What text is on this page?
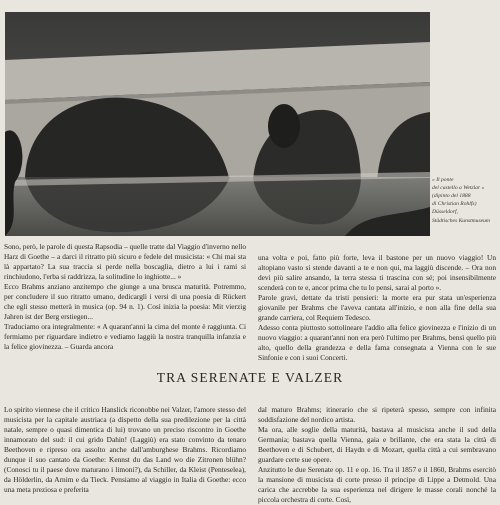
« Il ponte
del castello a Wetzlar »
(dipinto del 1888
di Christian Rohlfs)
Düsseldorf,
Städtisches Kunstmuseum

Sono, però, le parole di questa Rapsodia – quelle tratte dal Viaggio d'inverno nello Harz di Goethe – a darci il ritratto più sicuro e fedele del musicista: « Chi mai sta là appartato? La sua traccia si perde nella boscaglia, dietro a lui i rami si rinchiudono, l'erba si raddrizza, la solitudine lo inghiotte... »

Ecco Brahms anziano anzitempo che giunge a una brusca maturità. Potremmo, per concludere il suo ritratto umano, dedicargli i versi di una poesia di Rückert che egli stesso metterà in musica (op. 94 n. 1). Così inizia la poesia: Mit vierzig Jahren ist der Berg erstiegen...

Traduciamo ora integralmente: « A quarant'anni la cima del monte è raggiunta. Ci fermiamo per riguardare indietro e vediamo laggiù la nostra tranquilla infanzia e la felice giovinezza. – Guarda ancora

una volta e poi, fatto più forte, leva il bastone per un nuovo viaggio! Un altopiano vasto si stende davanti a te e non qui, ma laggiù discende. – Ora non devi più salire ansando, la terra stessa ti trascina con sé; poi insensibilmente scenderà con te e, ancor prima che tu lo pensi, sarai al porto ».

Parole gravi, dettate da tristi pensieri: la morte era pur stata un'esperienza giovanile per Brahms che l'aveva cantata all'inizio, e non alla fine della sua grande carriera, col Requiem Tedesco.

Adesso conta piuttosto sottolineare l'addio alla felice giovinezza e l'inizio di un nuovo viaggio: a quarant'anni non era però l'ultimo per Brahms, bensì quello più alto, quello della grandezza e della fama consegnata a Vienna con le sue Sinfonie e con i suoi Concerti.

TRA SERENATE E VALZER

Lo spirito viennese che il critico Hanslick riconobbe nei Valzer, l'amore stesso del musicista per la capitale austriaca (a dispetto della sua predilezione per la città natale, sempre o quasi dimentica di lui) trovano un preciso riscontro in Goethe innamorato del sud: il cui grido Dahin! (Laggiù) era stato convinto da tenaro Beethoven e ripreso ora assolto anche dall'amburghese Brahms. Ricordiamo dunque il suo cantato da Goethe: Kennst du das Land wo die Zitronen blühn? (Conosci tu il paese dove maturano i limoni?), da Schiller, da Kleist (Penteselea), da Hölderlin, da Arnim e da Tieck. Pensiamo al viaggio in Italia di Goethe: ecco una meta preziosa e preferita

dal maturo Brahms; itinerario che si ripeterà spesso, sempre con infinita soddisfazione del nordico artista.

Ma ora, alle soglie della maturità, bastava al musicista anche il sud della Germania; bastava quella Vienna, gaia e brillante, che era stata la città di Beethoven e di Schubert, di Haydn e di Mozart, quella città a cui sembravano guardare certe sue opere.

Anzitutto le due Serenate op. 11 e op. 16. Tra il 1857 e il 1860, Brahms esercitò la mansione di musicista di corte presso il principe di Lippe a Detmold. Una carica che accrebbe la sua esperienza nel dirigere le masse corali nonché la piccola orchestra di corte. Così,
